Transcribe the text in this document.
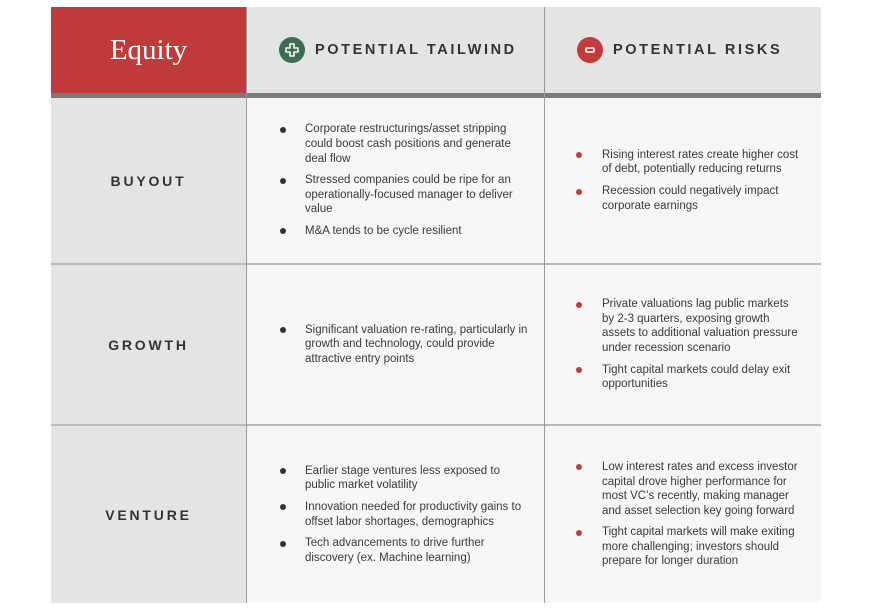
Equity	POTENTIAL TAILWIND	POTENTIAL RISKS
BUYOUT
Corporate restructurings/asset stripping could boost cash positions and generate deal flow
Stressed companies could be ripe for an operationally-focused manager to deliver value
M&A tends to be cycle resilient
Rising interest rates create higher cost of debt, potentially reducing returns
Recession could negatively impact corporate earnings
GROWTH
Significant valuation re-rating, particularly in growth and technology, could provide attractive entry points
Private valuations lag public markets by 2-3 quarters, exposing growth assets to additional valuation pressure under recession scenario
Tight capital markets could delay exit opportunities
VENTURE
Earlier stage ventures less exposed to public market volatility
Innovation needed for productivity gains to offset labor shortages, demographics
Tech advancements to drive further discovery (ex. Machine learning)
Low interest rates and excess investor capital drove higher performance for most VC’s recently, making manager and asset selection key going forward
Tight capital markets will make exiting more challenging; investors should prepare for longer duration
